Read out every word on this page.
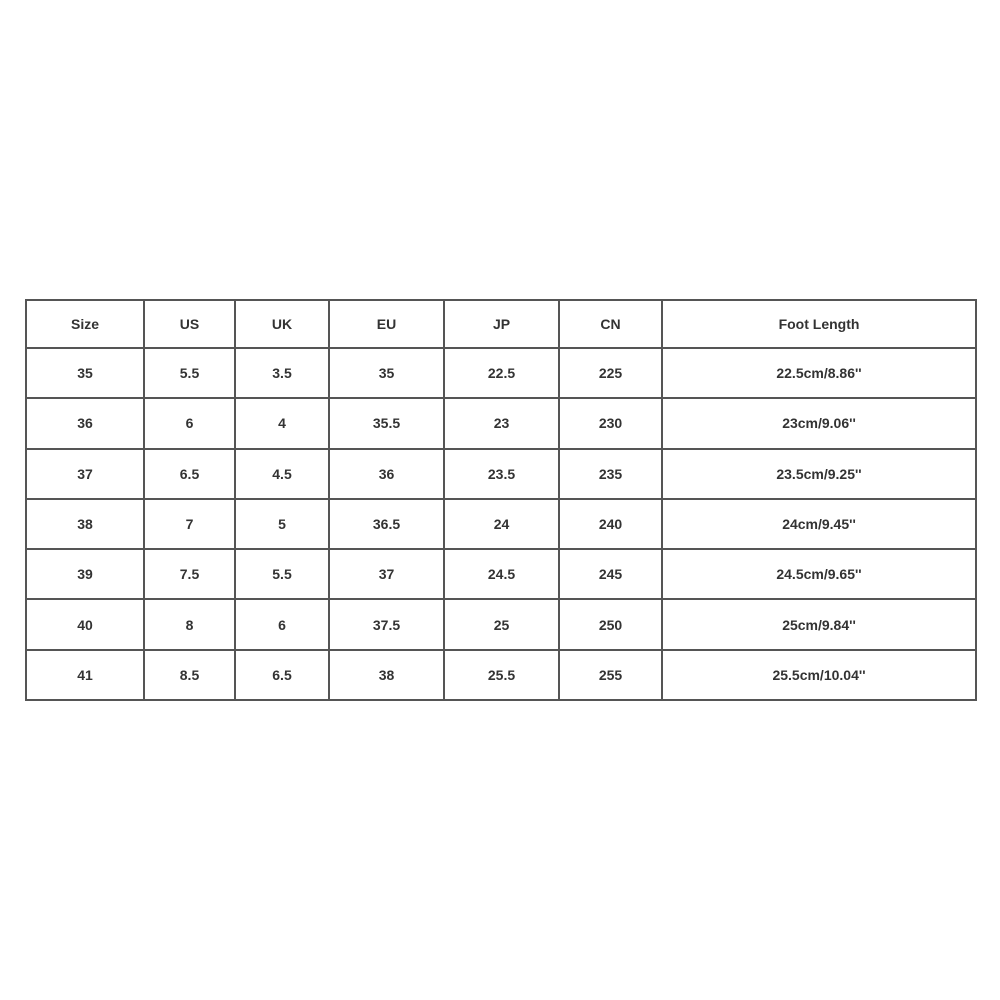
Size	US	UK	EU	JP	CN	Foot Length
35	5.5	3.5	35	22.5	225	22.5cm/8.86''
36	6	4	35.5	23	230	23cm/9.06''
37	6.5	4.5	36	23.5	235	23.5cm/9.25''
38	7	5	36.5	24	240	24cm/9.45''
39	7.5	5.5	37	24.5	245	24.5cm/9.65''
40	8	6	37.5	25	250	25cm/9.84''
41	8.5	6.5	38	25.5	255	25.5cm/10.04''
